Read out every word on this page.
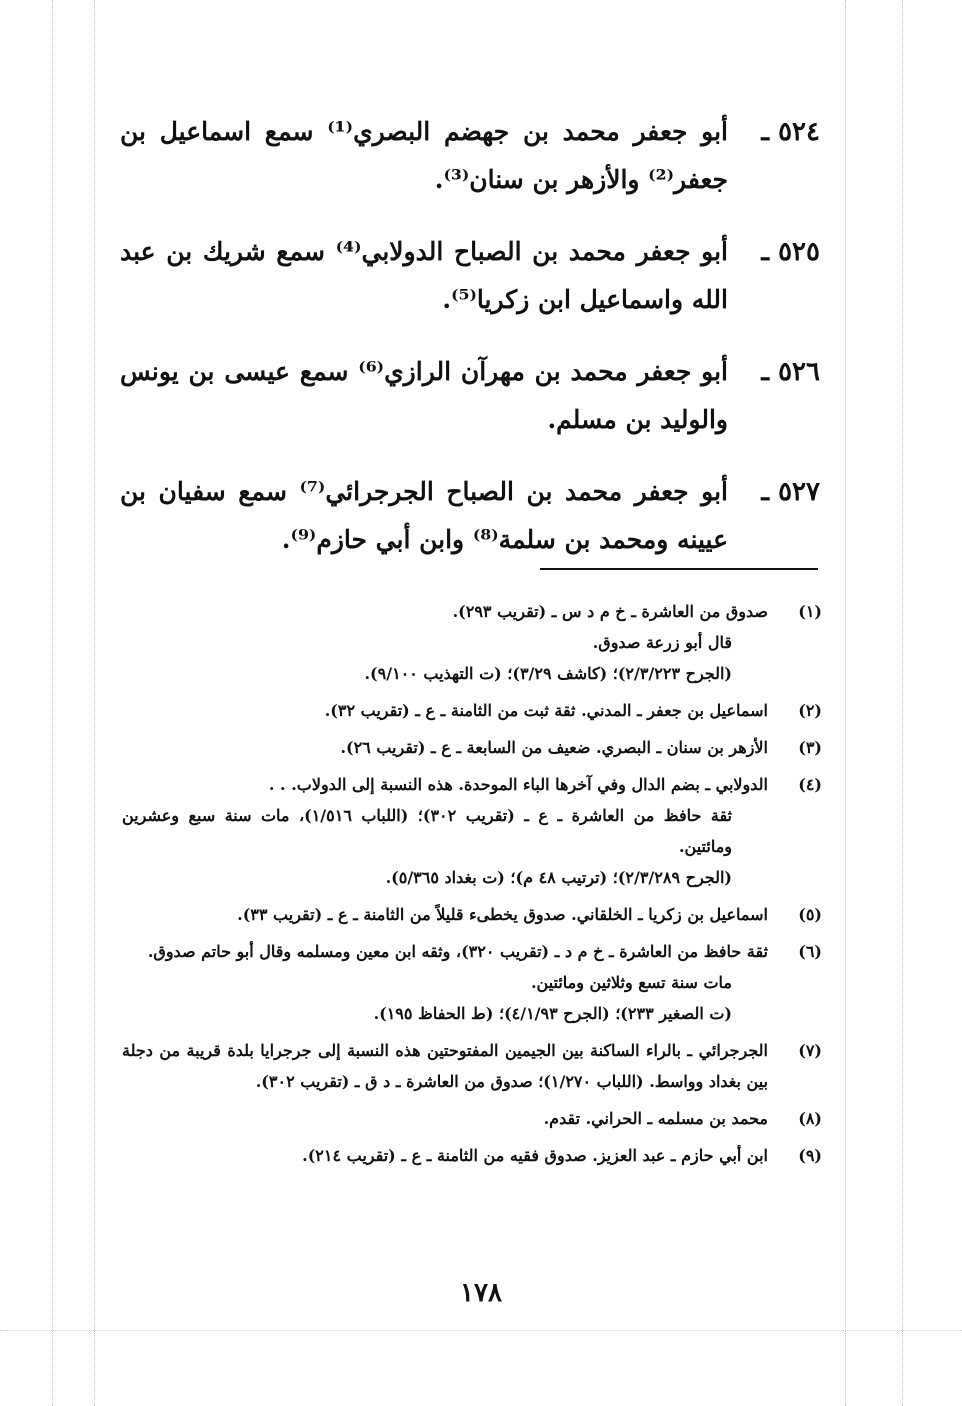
٥٢٤ ـ
أبو جعفر محمد بن جهضم البصري⁽¹⁾ سمع اسماعيل بن جعفر⁽²⁾ والأزهر بن سنان⁽³⁾.
٥٢٥ ـ
أبو جعفر محمد بن الصباح الدولابي⁽⁴⁾ سمع شريك بن عبد الله واسماعيل ابن زكريا⁽⁵⁾.
٥٢٦ ـ
أبو جعفر محمد بن مهرآن الرازي⁽⁶⁾ سمع عيسى بن يونس والوليد بن مسلم.
٥٢٧ ـ
أبو جعفر محمد بن الصباح الجرجرائي⁽⁷⁾ سمع سفيان بن عيينه ومحمد بن سلمة⁽⁸⁾ وابن أبي حازم⁽⁹⁾.
(١)
صدوق من العاشرة ـ خ م د س ـ (تقريب ٢٩٣).
قال أبو زرعة صدوق.
(الجرح ٢/٣/٢٢٣)؛ (كاشف ٣/٢٩)؛ (ت التهذيب ٩/١٠٠).
(٢)
اسماعيل بن جعفر ـ المدني. ثقة ثبت من الثامنة ـ ع ـ (تقريب ٣٢).
(٣)
الأزهر بن سنان ـ البصري. ضعيف من السابعة ـ ع ـ (تقريب ٢٦).
(٤)
الدولابي ـ بضم الدال وفي آخرها الباء الموحدة. هذه النسبة إلى الدولاب. . .
ثقة حافظ من العاشرة ـ ع ـ (تقريب ٣٠٢)؛ (اللباب ١/٥١٦)، مات سنة سبع وعشرين ومائتين.
(الجرح ٢/٣/٢٨٩)؛ (ترتيب ٤٨ م)؛ (ت بغداد ٥/٣٦٥).
(٥)
اسماعيل بن زكريا ـ الخلقاني. صدوق يخطىء قليلاً من الثامنة ـ ع ـ (تقريب ٣٣).
(٦)
ثقة حافظ من العاشرة ـ خ م د ـ (تقريب ٣٢٠)، وثقه ابن معين ومسلمه وقال أبو حاتم صدوق.
مات سنة تسع وثلاثين ومائتين.
(ت الصغير ٢٣٣)؛ (الجرح ٤/١/٩٣)؛ (ط الحفاظ ١٩٥).
(٧)
الجرجرائي ـ بالراء الساكنة بين الجيمين المفتوحتين هذه النسبة إلى جرجرايا بلدة قريبة من دجلة بين بغداد وواسط. (اللباب ١/٢٧٠)؛ صدوق من العاشرة ـ د ق ـ (تقريب ٣٠٢).
(٨)
محمد بن مسلمه ـ الحراني. تقدم.
(٩)
ابن أبي حازم ـ عبد العزيز. صدوق فقيه من الثامنة ـ ع ـ (تقريب ٢١٤).
١٧٨
